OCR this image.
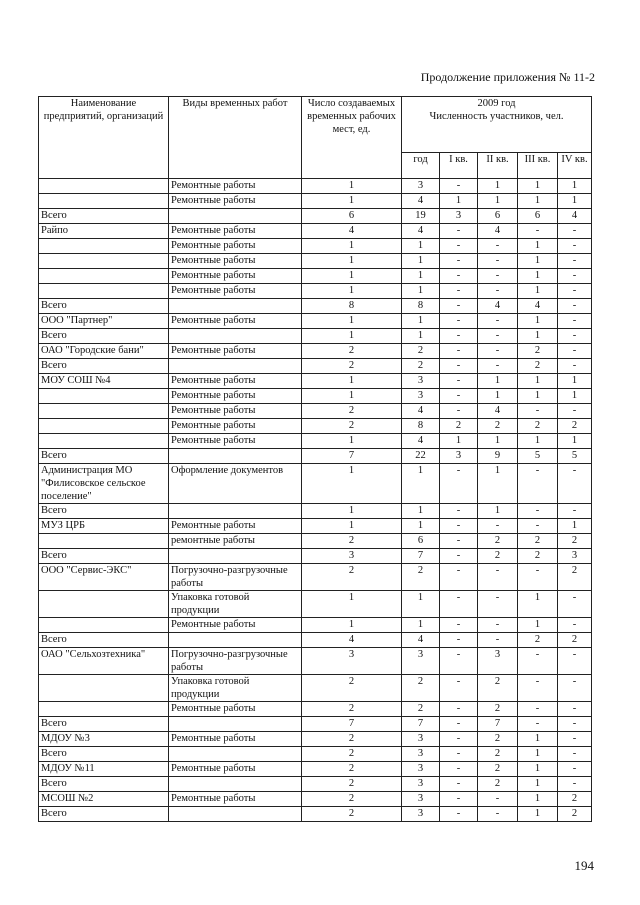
Продолжение приложения № 11-2
Наименование предприятий, организаций	Виды временных работ	Число создаваемых временных рабочих мест, ед.	2009 год
Численность участников, чел.				

			год	I кв.	II кв.	III кв.	IV кв.
	Ремонтные работы	1	3	-	1	1	1
	Ремонтные работы	1	4	1	1	1	1
Всего		6	19	3	6	6	4
Райпо	Ремонтные работы	4	4	-	4	-	-
	Ремонтные работы	1	1	-	-	1	-
	Ремонтные работы	1	1	-	-	1	-
	Ремонтные работы	1	1	-	-	1	-
	Ремонтные работы	1	1	-	-	1	-
Всего		8	8	-	4	4	-
ООО "Партнер"	Ремонтные работы	1	1	-	-	1	-
Всего		1	1	-	-	1	-
ОАО "Городские бани"	Ремонтные работы	2	2	-	-	2	-
Всего		2	2	-	-	2	-
МОУ СОШ №4	Ремонтные работы	1	3	-	1	1	1
	Ремонтные работы	1	3	-	1	1	1
	Ремонтные работы	2	4	-	4	-	-
	Ремонтные работы	2	8	2	2	2	2
	Ремонтные работы	1	4	1	1	1	1
Всего		7	22	3	9	5	5
Администрация МО "Филисовское сельское поселение"	Оформление документов	1	1	-	1	-	-
Всего		1	1	-	1	-	-
МУЗ ЦРБ	Ремонтные работы	1	1	-	-	-	1
	ремонтные работы	2	6	-	2	2	2
Всего		3	7	-	2	2	3
ООО "Сервис-ЭКС"	Погрузочно-разгрузочные работы	2	2	-	-	-	2
	Упаковка готовой продукции	1	1	-	-	1	-
	Ремонтные работы	1	1	-	-	1	-
Всего		4	4	-	-	2	2
ОАО "Сельхозтехника"	Погрузочно-разгрузочные работы	3	3	-	3	-	-
	Упаковка готовой продукции	2	2	-	2	-	-
	Ремонтные работы	2	2	-	2	-	-
Всего		7	7	-	7	-	-
МДОУ №3	Ремонтные работы	2	3	-	2	1	-
Всего		2	3	-	2	1	-
МДОУ №11	Ремонтные работы	2	3	-	2	1	-
Всего		2	3	-	2	1	-
МСОШ №2	Ремонтные работы	2	3	-	-	1	2
Всего		2	3	-	-	1	2
194
